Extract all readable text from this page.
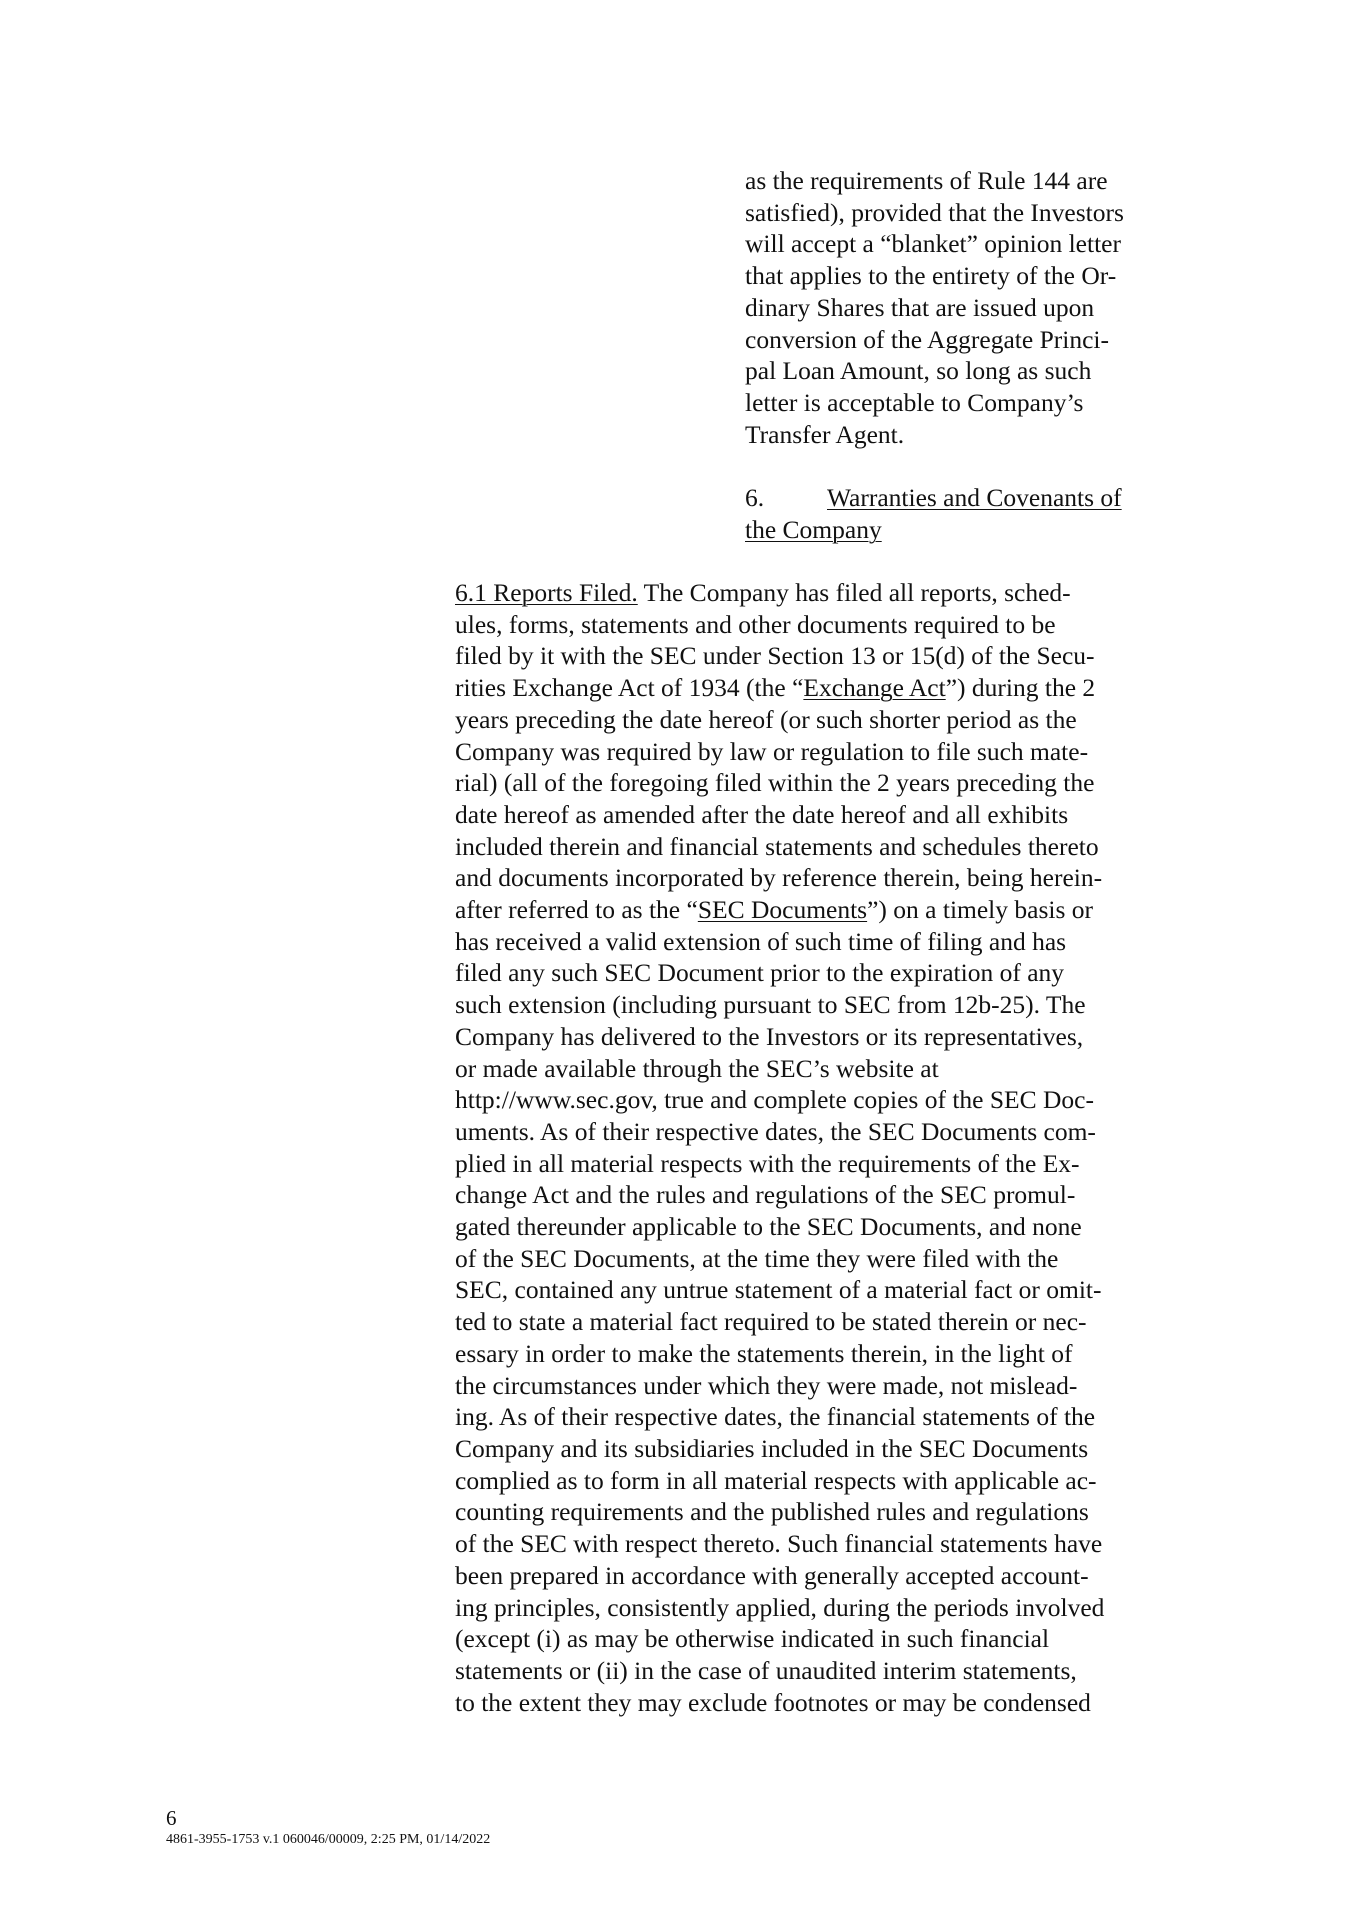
as the requirements of Rule 144 are
satisfied), provided that the Investors
will accept a “blanket” opinion letter
that applies to the entirety of the Or-
dinary Shares that are issued upon
conversion of the Aggregate Princi-
pal Loan Amount, so long as such
letter is acceptable to Company’s
Transfer Agent.
6. Warranties and Covenants of
the Company
6.1 Reports Filed. The Company has filed all reports, sched-
ules, forms, statements and other documents required to be
filed by it with the SEC under Section 13 or 15(d) of the Secu-
rities Exchange Act of 1934 (the “Exchange Act”) during the 2
years preceding the date hereof (or such shorter period as the
Company was required by law or regulation to file such mate-
rial) (all of the foregoing filed within the 2 years preceding the
date hereof as amended after the date hereof and all exhibits
included therein and financial statements and schedules thereto
and documents incorporated by reference therein, being herein-
after referred to as the “SEC Documents”) on a timely basis or
has received a valid extension of such time of filing and has
filed any such SEC Document prior to the expiration of any
such extension (including pursuant to SEC from 12b-25). The
Company has delivered to the Investors or its representatives,
or made available through the SEC’s website at
http://www.sec.gov, true and complete copies of the SEC Doc-
uments. As of their respective dates, the SEC Documents com-
plied in all material respects with the requirements of the Ex-
change Act and the rules and regulations of the SEC promul-
gated thereunder applicable to the SEC Documents, and none
of the SEC Documents, at the time they were filed with the
SEC, contained any untrue statement of a material fact or omit-
ted to state a material fact required to be stated therein or nec-
essary in order to make the statements therein, in the light of
the circumstances under which they were made, not mislead-
ing. As of their respective dates, the financial statements of the
Company and its subsidiaries included in the SEC Documents
complied as to form in all material respects with applicable ac-
counting requirements and the published rules and regulations
of the SEC with respect thereto. Such financial statements have
been prepared in accordance with generally accepted account-
ing principles, consistently applied, during the periods involved
(except (i) as may be otherwise indicated in such financial
statements or (ii) in the case of unaudited interim statements,
to the extent they may exclude footnotes or may be condensed
6
4861-3955-1753 v.1 060046/00009, 2:25 PM, 01/14/2022
